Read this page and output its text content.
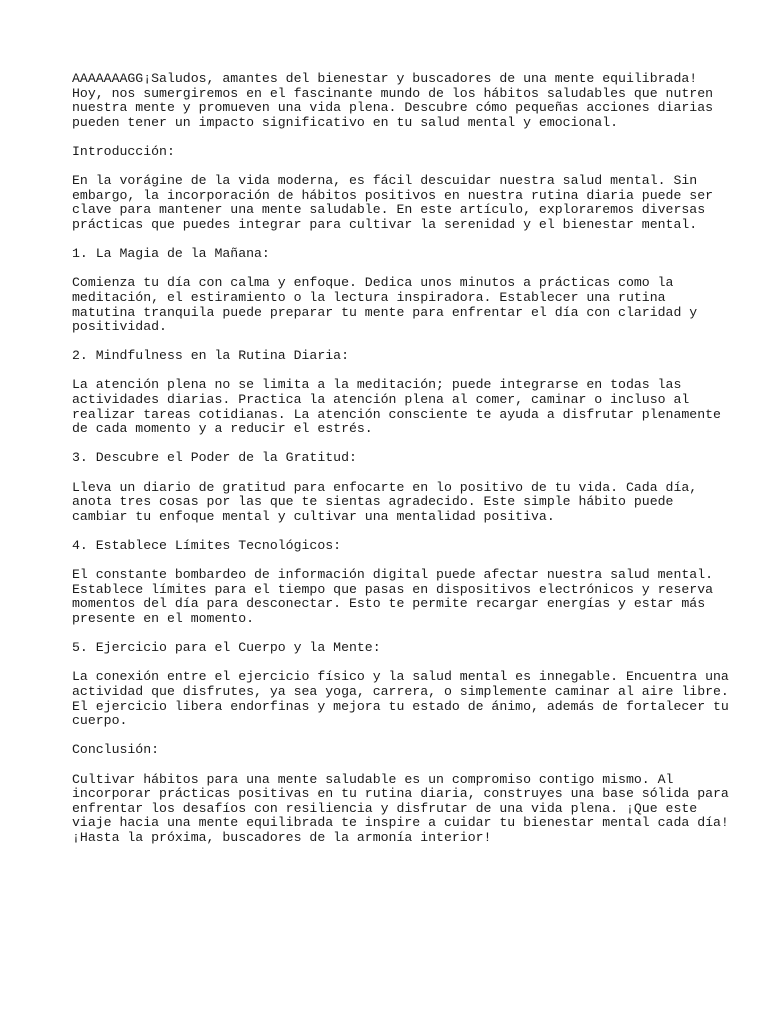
AAAAAAAGG¡Saludos, amantes del bienestar y buscadores de una mente equilibrada!
Hoy, nos sumergiremos en el fascinante mundo de los hábitos saludables que nutren
nuestra mente y promueven una vida plena. Descubre cómo pequeñas acciones diarias
pueden tener un impacto significativo en tu salud mental y emocional.

Introducción:

En la vorágine de la vida moderna, es fácil descuidar nuestra salud mental. Sin
embargo, la incorporación de hábitos positivos en nuestra rutina diaria puede ser
clave para mantener una mente saludable. En este artículo, exploraremos diversas
prácticas que puedes integrar para cultivar la serenidad y el bienestar mental.

1. La Magia de la Mañana:

Comienza tu día con calma y enfoque. Dedica unos minutos a prácticas como la
meditación, el estiramiento o la lectura inspiradora. Establecer una rutina
matutina tranquila puede preparar tu mente para enfrentar el día con claridad y
positividad.

2. Mindfulness en la Rutina Diaria:

La atención plena no se limita a la meditación; puede integrarse en todas las
actividades diarias. Practica la atención plena al comer, caminar o incluso al
realizar tareas cotidianas. La atención consciente te ayuda a disfrutar plenamente
de cada momento y a reducir el estrés.

3. Descubre el Poder de la Gratitud:

Lleva un diario de gratitud para enfocarte en lo positivo de tu vida. Cada día,
anota tres cosas por las que te sientas agradecido. Este simple hábito puede
cambiar tu enfoque mental y cultivar una mentalidad positiva.

4. Establece Límites Tecnológicos:

El constante bombardeo de información digital puede afectar nuestra salud mental.
Establece límites para el tiempo que pasas en dispositivos electrónicos y reserva
momentos del día para desconectar. Esto te permite recargar energías y estar más
presente en el momento.

5. Ejercicio para el Cuerpo y la Mente:

La conexión entre el ejercicio físico y la salud mental es innegable. Encuentra una
actividad que disfrutes, ya sea yoga, carrera, o simplemente caminar al aire libre.
El ejercicio libera endorfinas y mejora tu estado de ánimo, además de fortalecer tu
cuerpo.

Conclusión:

Cultivar hábitos para una mente saludable es un compromiso contigo mismo. Al
incorporar prácticas positivas en tu rutina diaria, construyes una base sólida para
enfrentar los desafíos con resiliencia y disfrutar de una vida plena. ¡Que este
viaje hacia una mente equilibrada te inspire a cuidar tu bienestar mental cada día!
¡Hasta la próxima, buscadores de la armonía interior!
